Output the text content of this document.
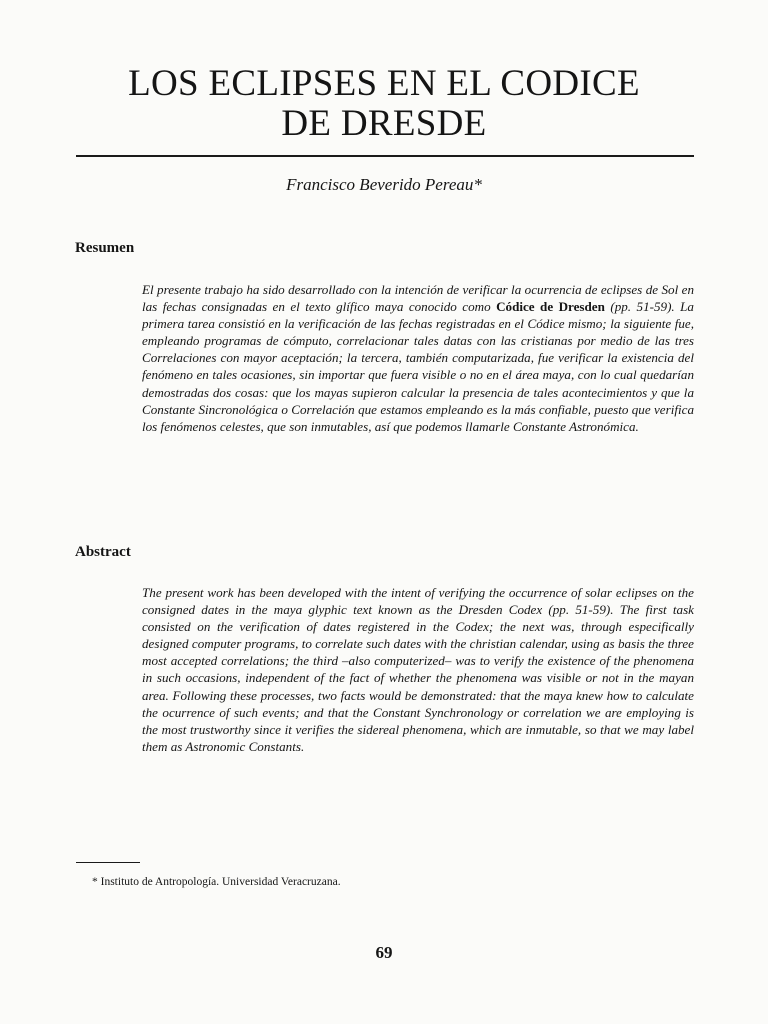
LOS ECLIPSES EN EL CODICE
DE DRESDE
Francisco Beverido Pereau*
Resumen

El presente trabajo ha sido desarrollado con la intención de verificar la ocurrencia de eclipses de Sol en las fechas consignadas en el texto glífico maya conocido como Códice de Dresden (pp. 51-59). La primera tarea consistió en la verificación de las fechas registradas en el Códice mismo; la siguiente fue, empleando programas de cómputo, correlacionar tales datas con las cristianas por medio de las tres Correlaciones con mayor aceptación; la tercera, también computarizada, fue verificar la existencia del fenómeno en tales ocasiones, sin importar que fuera visible o no en el área maya, con lo cual quedarían demostradas dos cosas: que los mayas supieron calcular la presencia de tales acontecimientos y que la Constante Sincronológica o Correlación que estamos empleando es la más confiable, puesto que verifica los fenómenos celestes, que son inmutables, así que podemos llamarle Constante Astronómica.

Abstract

The present work has been developed with the intent of verifying the occurrence of solar eclipses on the consigned dates in the maya glyphic text known as the Dresden Codex (pp. 51-59). The first task consisted on the verification of dates registered in the Codex; the next was, through especifically designed computer programs, to correlate such dates with the christian calendar, using as basis the three most accepted correlations; the third –also computerized– was to verify the existence of the phenomena in such occasions, independent of the fact of whether the phenomena was visible or not in the mayan area. Following these processes, two facts would be demonstrated: that the maya knew how to calculate the ocurrence of such events; and that the Constant Synchronology or correlation we are employing is the most trustworthy since it verifies the sidereal phenomena, which are inmutable, so that we may label them as Astronomic Constants.

* Instituto de Antropología. Universidad Veracruzana.
69
